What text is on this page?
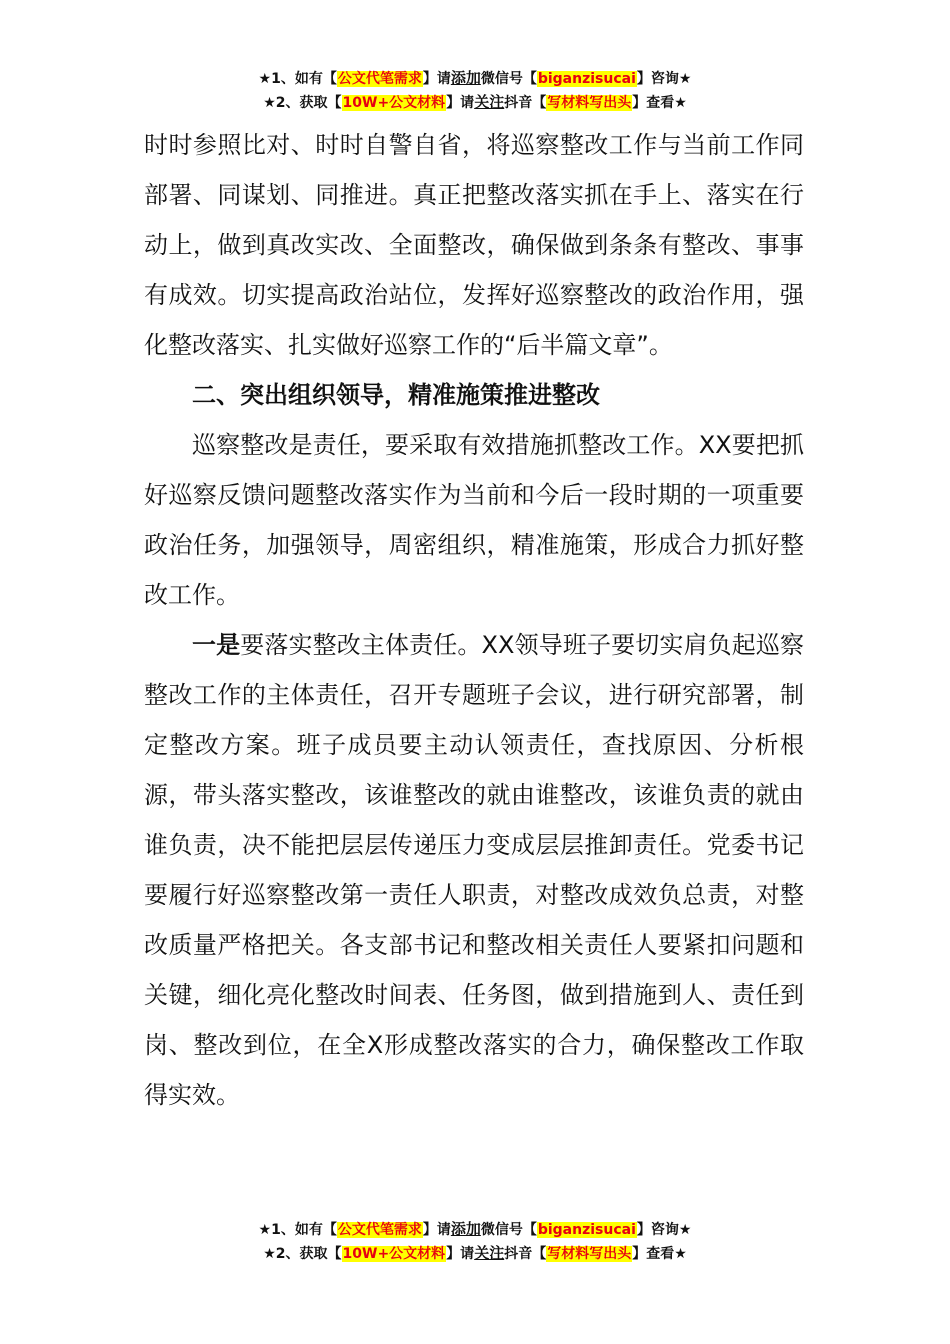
★1、如有【公文代笔需求】请添加微信号【biganzisucai】咨询★
★2、获取【10W+公文材料】请关注抖音【写材料写出头】查看★

时时参照比对、时时自警自省，将巡察整改工作与当前工作同部署、同谋划、同推进。真正把整改落实抓在手上、落实在行动上，做到真改实改、全面整改，确保做到条条有整改、事事有成效。切实提高政治站位，发挥好巡察整改的政治作用，强化整改落实、扎实做好巡察工作的“后半篇文章”。

二、突出组织领导，精准施策推进整改

巡察整改是责任，要采取有效措施抓整改工作。XX要把抓好巡察反馈问题整改落实作为当前和今后一段时期的一项重要政治任务，加强领导，周密组织，精准施策，形成合力抓好整改工作。

一是要落实整改主体责任。XX领导班子要切实肩负起巡察整改工作的主体责任，召开专题班子会议，进行研究部署，制定整改方案。班子成员要主动认领责任，查找原因、分析根源，带头落实整改，该谁整改的就由谁整改，该谁负责的就由谁负责，决不能把层层传递压力变成层层推卸责任。党委书记要履行好巡察整改第一责任人职责，对整改成效负总责，对整改质量严格把关。各支部书记和整改相关责任人要紧扣问题和关键，细化亮化整改时间表、任务图，做到措施到人、责任到岗、整改到位，在全X形成整改落实的合力，确保整改工作取得实效。

★1、如有【公文代笔需求】请添加微信号【biganzisucai】咨询★
★2、获取【10W+公文材料】请关注抖音【写材料写出头】查看★
